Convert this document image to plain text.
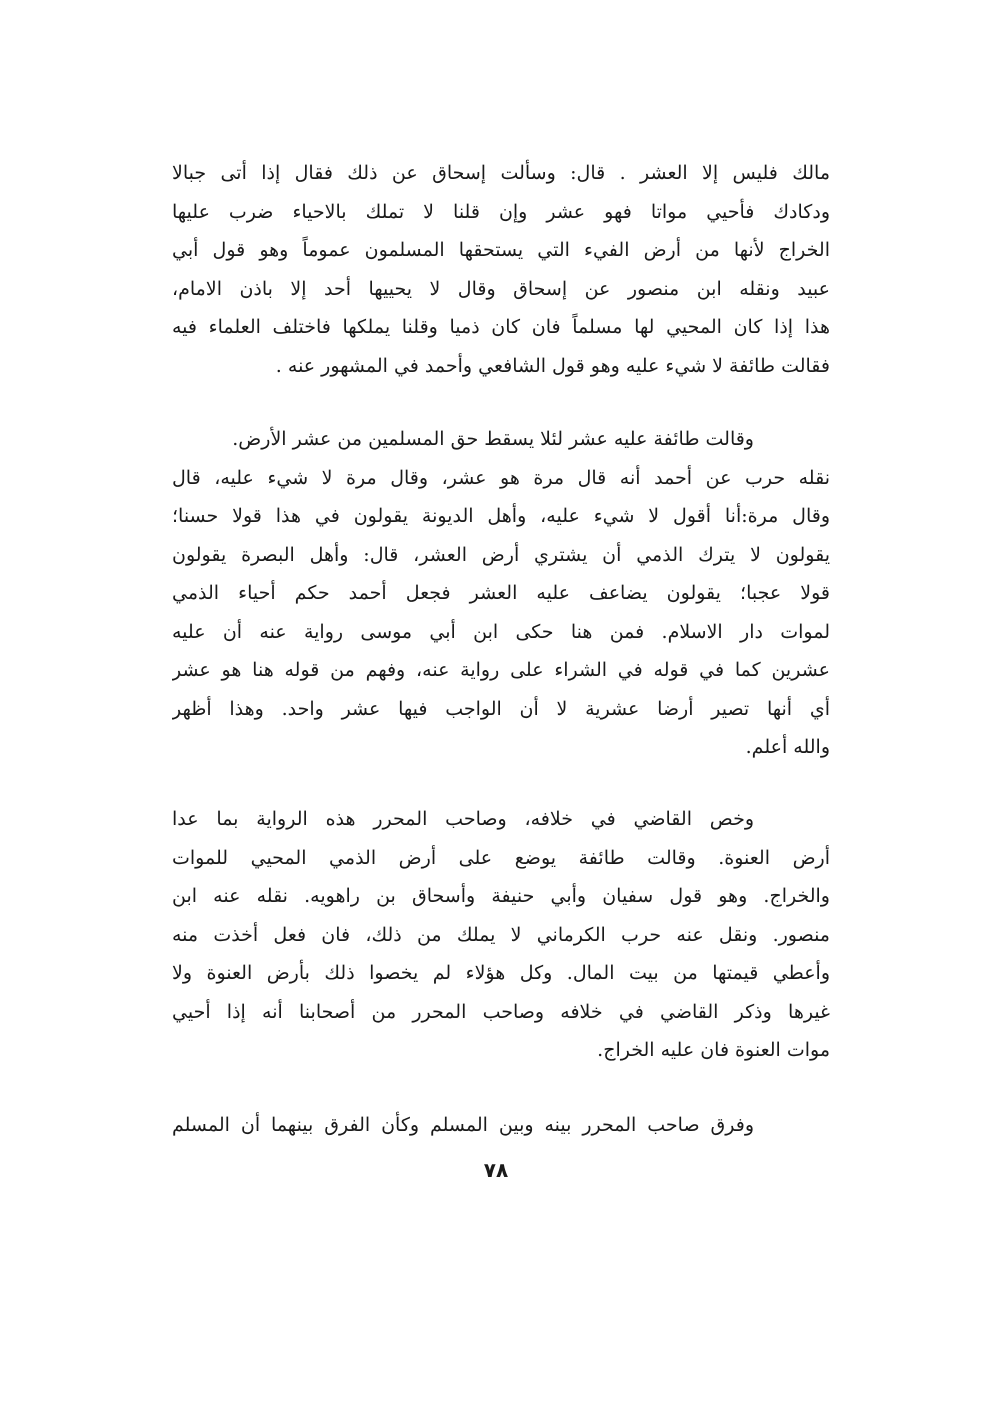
مالك فليس إلا العشر . قال: وسألت إسحاق عن ذلك فقال إذا أتى جبالا
ودكادك فأحيي مواتا فهو عشر وإن قلنا لا تملك بالاحياء ضرب عليها
الخراج لأنها من أرض الفيء التي يستحقها المسلمون عموماً وهو قول أبي
عبيد ونقله ابن منصور عن إسحاق وقال لا يحييها أحد إلا باذن الامام،
هذا إذا كان المحيي لها مسلماً فان كان ذميا وقلنا يملكها فاختلف العلماء فيه
فقالت طائفة لا شيء عليه وهو قول الشافعي وأحمد في المشهور عنه .
وقالت طائفة عليه عشر لئلا يسقط حق المسلمين من عشر الأرض.
نقله حرب عن أحمد أنه قال مرة هو عشر، وقال مرة لا شيء عليه، قال
وقال مرة:أنا أقول لا شيء عليه، وأهل الديونة يقولون في هذا قولا حسنا؛
يقولون لا يترك الذمي أن يشتري أرض العشر، قال: وأهل البصرة يقولون
قولا عجبا؛ يقولون يضاعف عليه العشر فجعل أحمد حكم أحياء الذمي
لموات دار الاسلام. فمن هنا حكى ابن أبي موسى رواية عنه أن عليه
عشرين كما في قوله في الشراء على رواية عنه، وفهم من قوله هنا هو عشر
أي أنها تصير أرضا عشرية لا أن الواجب فيها عشر واحد. وهذا أظهر
والله أعلم.
وخص القاضي في خلافه، وصاحب المحرر هذه الرواية بما عدا
أرض العنوة. وقالت طائفة يوضع على أرض الذمي المحيي للموات
والخراج. وهو قول سفيان وأبي حنيفة وأسحاق بن راهويه. نقله عنه ابن
منصور. ونقل عنه حرب الكرماني لا يملك من ذلك، فان فعل أخذت منه
وأعطي قيمتها من بيت المال. وكل هؤلاء لم يخصوا ذلك بأرض العنوة ولا
غيرها وذكر القاضي في خلافه وصاحب المحرر من أصحابنا أنه إذا أحيي
موات العنوة فان عليه الخراج.
وفرق صاحب المحرر بينه وبين المسلم وكأن الفرق بينهما أن المسلم
٧٨
